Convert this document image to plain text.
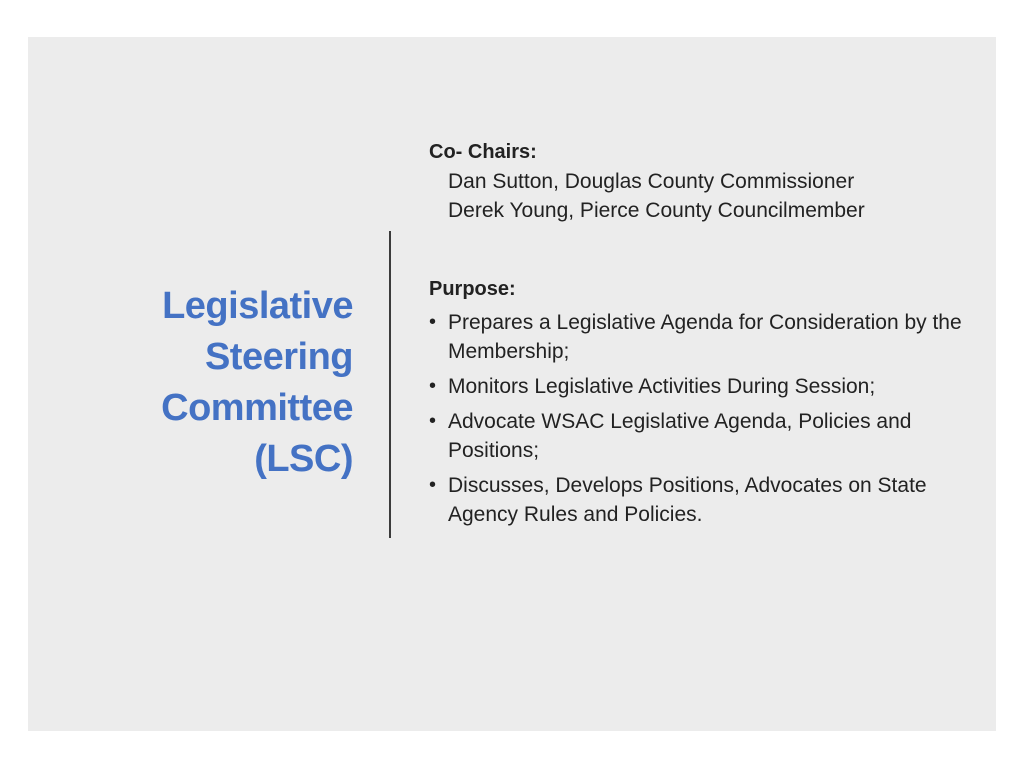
Legislative
Steering
Committee
(LSC)
Co- Chairs:
Dan Sutton, Douglas County Commissioner
Derek Young, Pierce County Councilmember
Purpose:
• Prepares a Legislative Agenda for Consideration by the Membership;
• Monitors Legislative Activities During Session;
• Advocate WSAC Legislative Agenda, Policies and Positions;
• Discusses, Develops Positions, Advocates on State Agency Rules and Policies.
